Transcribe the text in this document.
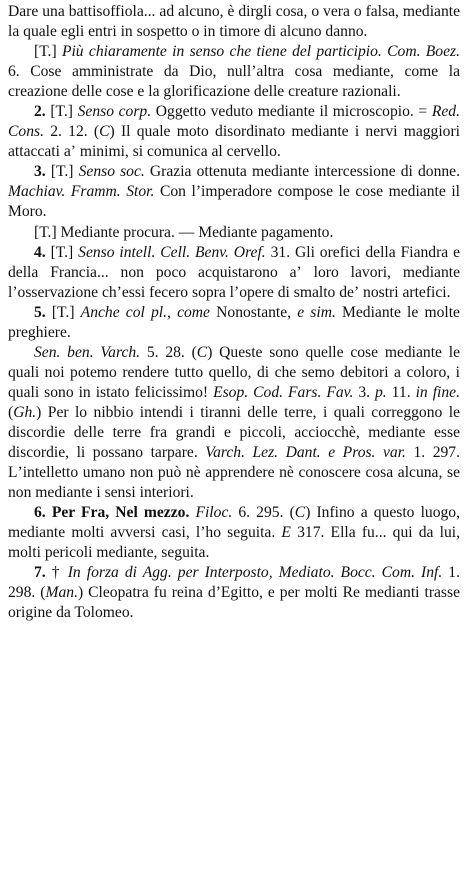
Dare una battisoffiola... ad alcuno, è dirgli cosa, o vera o falsa, mediante la quale egli entri in sospetto o in timore di alcuno danno.

[T.] Più chiaramente in senso che tiene del participio. Com. Boez. 6. Cose amministrate da Dio, nullʼaltra cosa mediante, come la creazione delle cose e la glorificazione delle creature razionali.

2. [T.] Senso corp. Oggetto veduto mediante il microscopio. = Red. Cons. 2. 12. (C) Il quale moto disordinato mediante i nervi maggiori attaccati aʼ minimi, si comunica al cervello.

3. [T.] Senso soc. Grazia ottenuta mediante intercessione di donne. Machiav. Framm. Stor. Con lʼimperadore compose le cose mediante il Moro.

[T.] Mediante procura. — Mediante pagamento.

4. [T.] Senso intell. Cell. Benv. Oref. 31. Gli orefici della Fiandra e della Francia... non poco acquistarono aʼ loro lavori, mediante lʼosservazione chʼessi fecero sopra lʼopere di smalto deʼ nostri artefici.

5. [T.] Anche col pl., come Nonostante, e sim. Mediante le molte preghiere.

Sen. ben. Varch. 5. 28. (C) Queste sono quelle cose mediante le quali noi potemo rendere tutto quello, di che semo debitori a coloro, i quali sono in istato felicissimo! Esop. Cod. Fars. Fav. 3. p. 11. in fine. (Gh.) Per lo nibbio intendi i tiranni delle terre, i quali correggono le discordie delle terre fra grandi e piccoli, acciocchè, mediante esse discordie, li possano tarpare. Varch. Lez. Dant. e Pros. var. 1. 297. Lʼintelletto umano non può nè apprendere nè conoscere cosa alcuna, se non mediante i sensi interiori.

6. Per Fra, Nel mezzo. Filoc. 6. 295. (C) Infino a questo luogo, mediante molti avversi casi, lʼho seguita. E 317. Ella fu... qui da lui, molti pericoli mediante, seguita.

7. † In forza di Agg. per Interposto, Mediato. Bocc. Com. Inf. 1. 298. (Man.) Cleopatra fu reina dʼEgitto, e per molti Re medianti trasse origine da Tolomeo.
